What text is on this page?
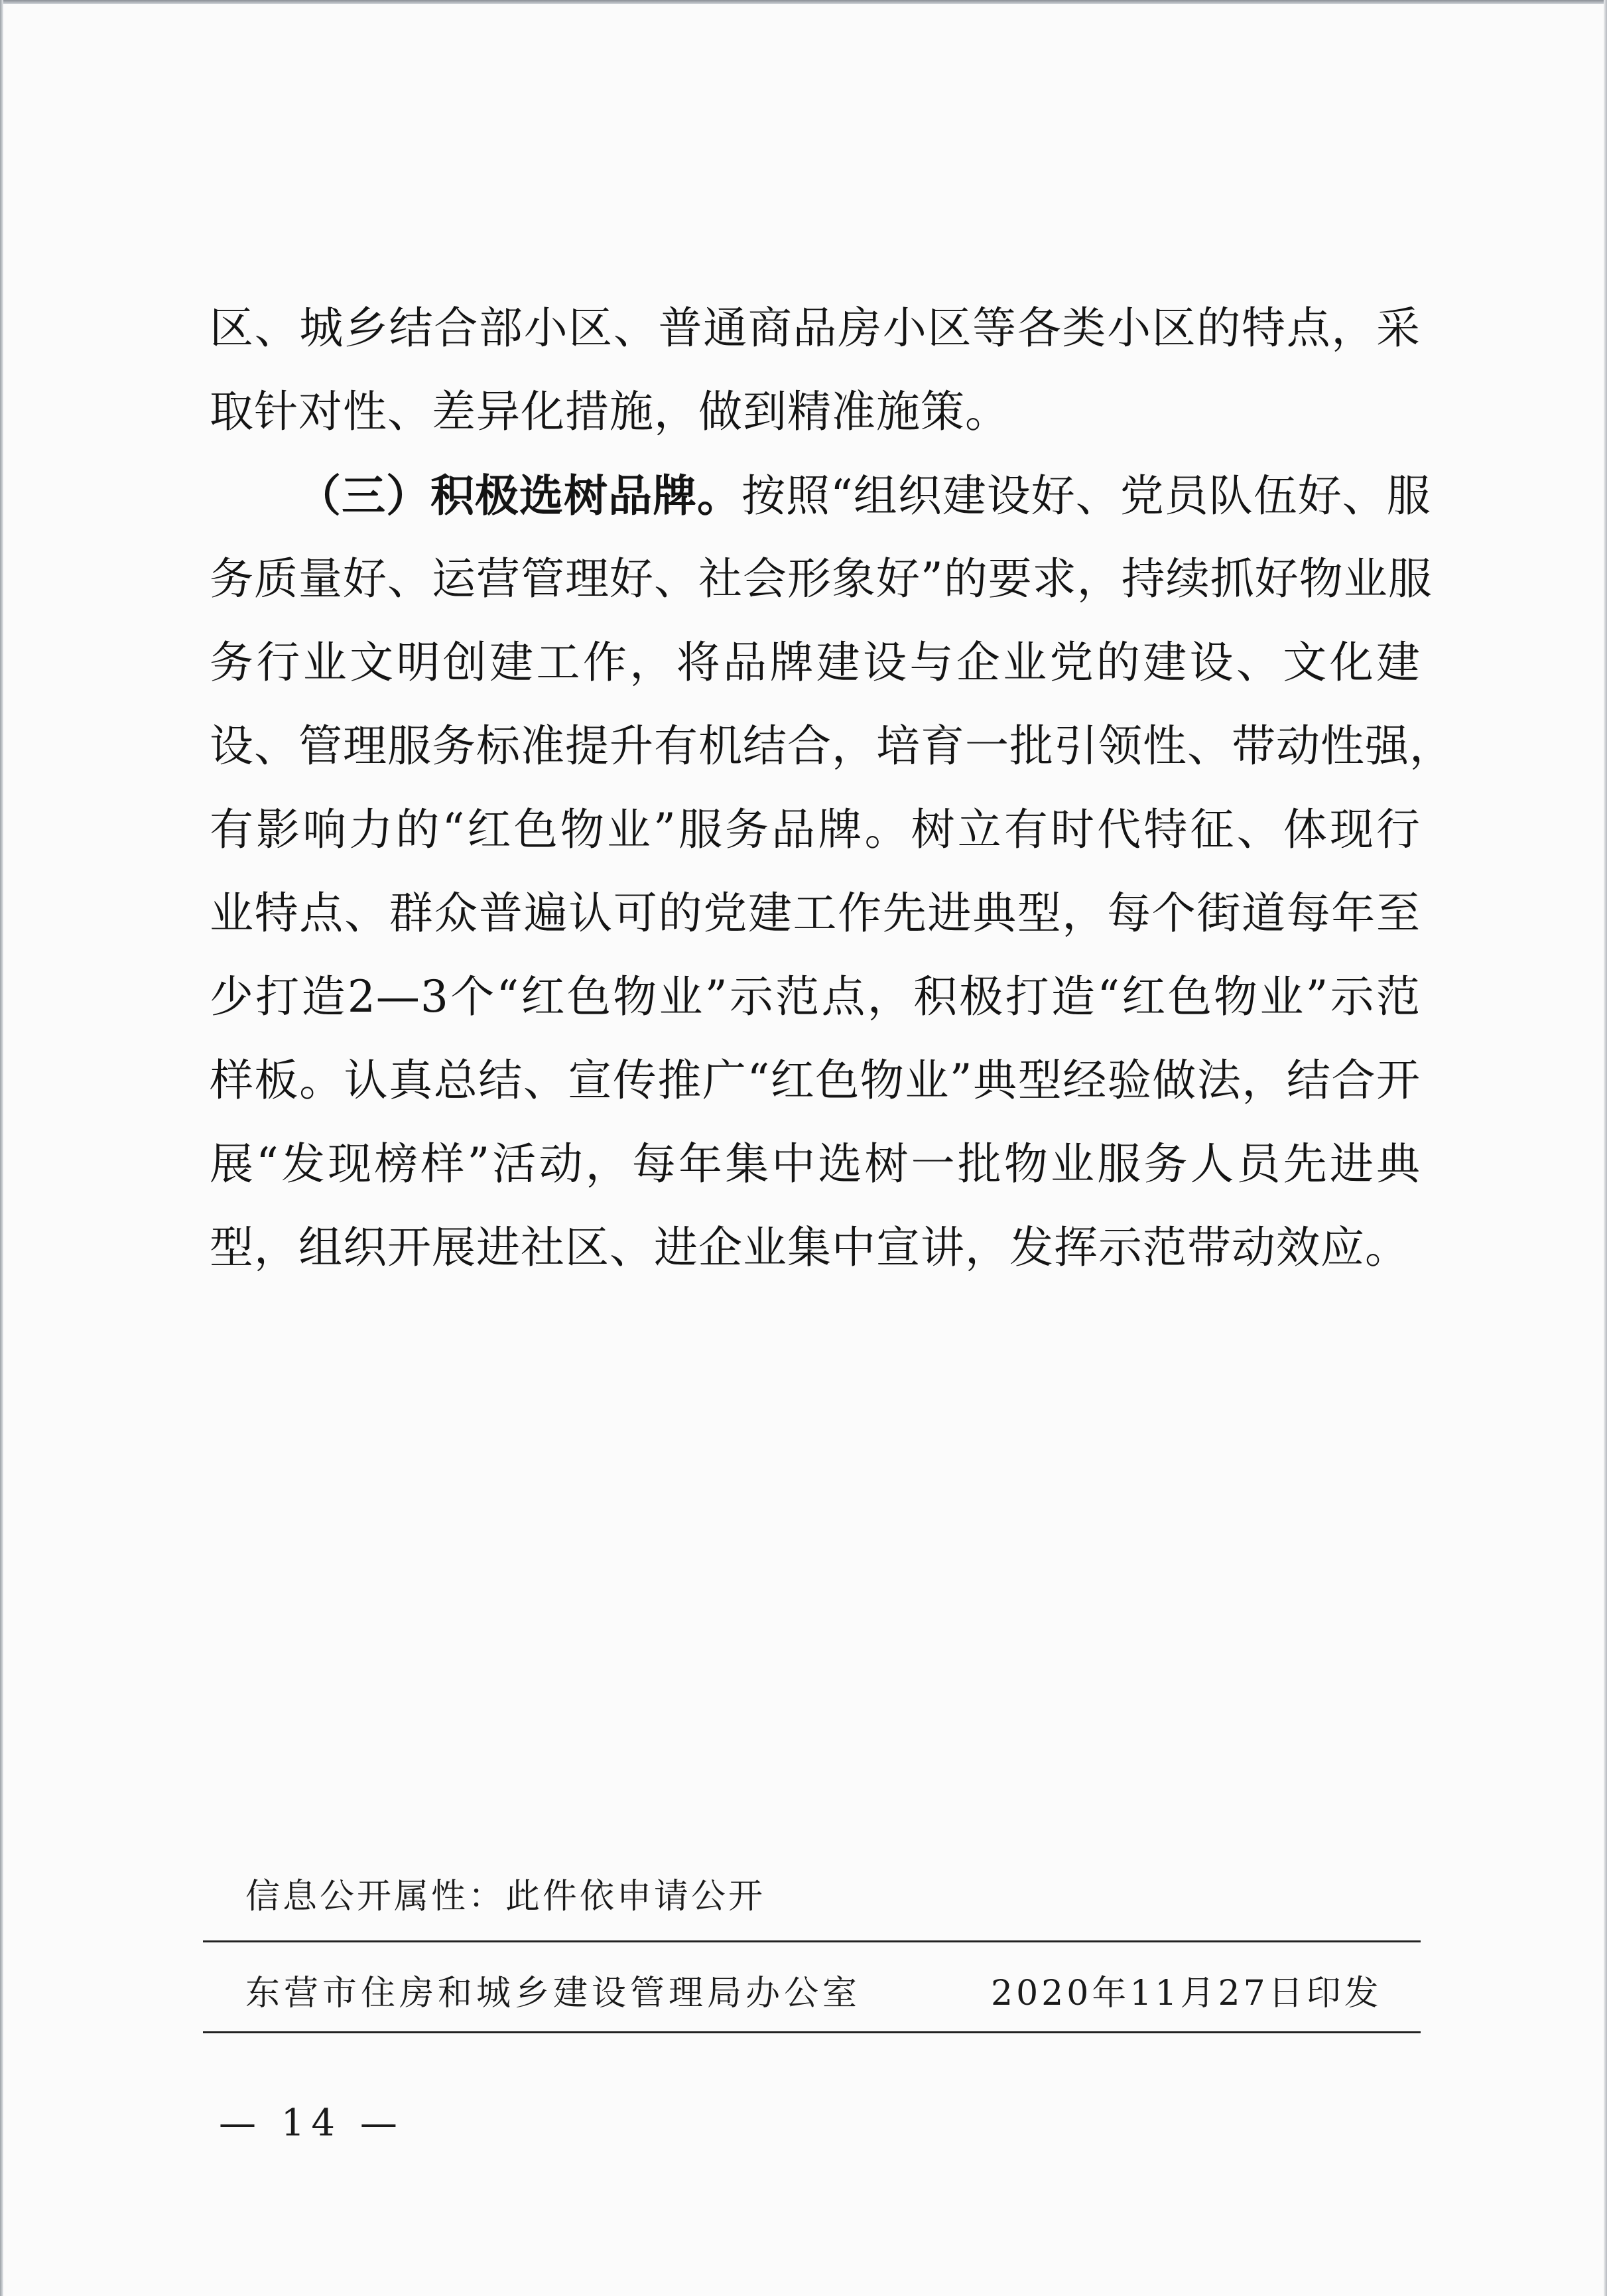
区、城乡结合部小区、普通商品房小区等各类小区的特点，采
取针对性、差异化措施，做到精准施策。
（三）积极选树品牌。按照“组织建设好、党员队伍好、服
务质量好、运营管理好、社会形象好”的要求，持续抓好物业服
务行业文明创建工作，将品牌建设与企业党的建设、文化建
设、管理服务标准提升有机结合，培育一批引领性、带动性强，
有影响力的“红色物业”服务品牌。树立有时代特征、体现行
业特点、群众普遍认可的党建工作先进典型，每个街道每年至
少打造2—3个“红色物业”示范点，积极打造“红色物业”示范
样板。认真总结、宣传推广“红色物业”典型经验做法，结合开
展“发现榜样”活动，每年集中选树一批物业服务人员先进典
型，组织开展进社区、进企业集中宣讲，发挥示范带动效应。
信息公开属性：此件依申请公开
东营市住房和城乡建设管理局办公室	2020年11月27日印发
— 14 —
